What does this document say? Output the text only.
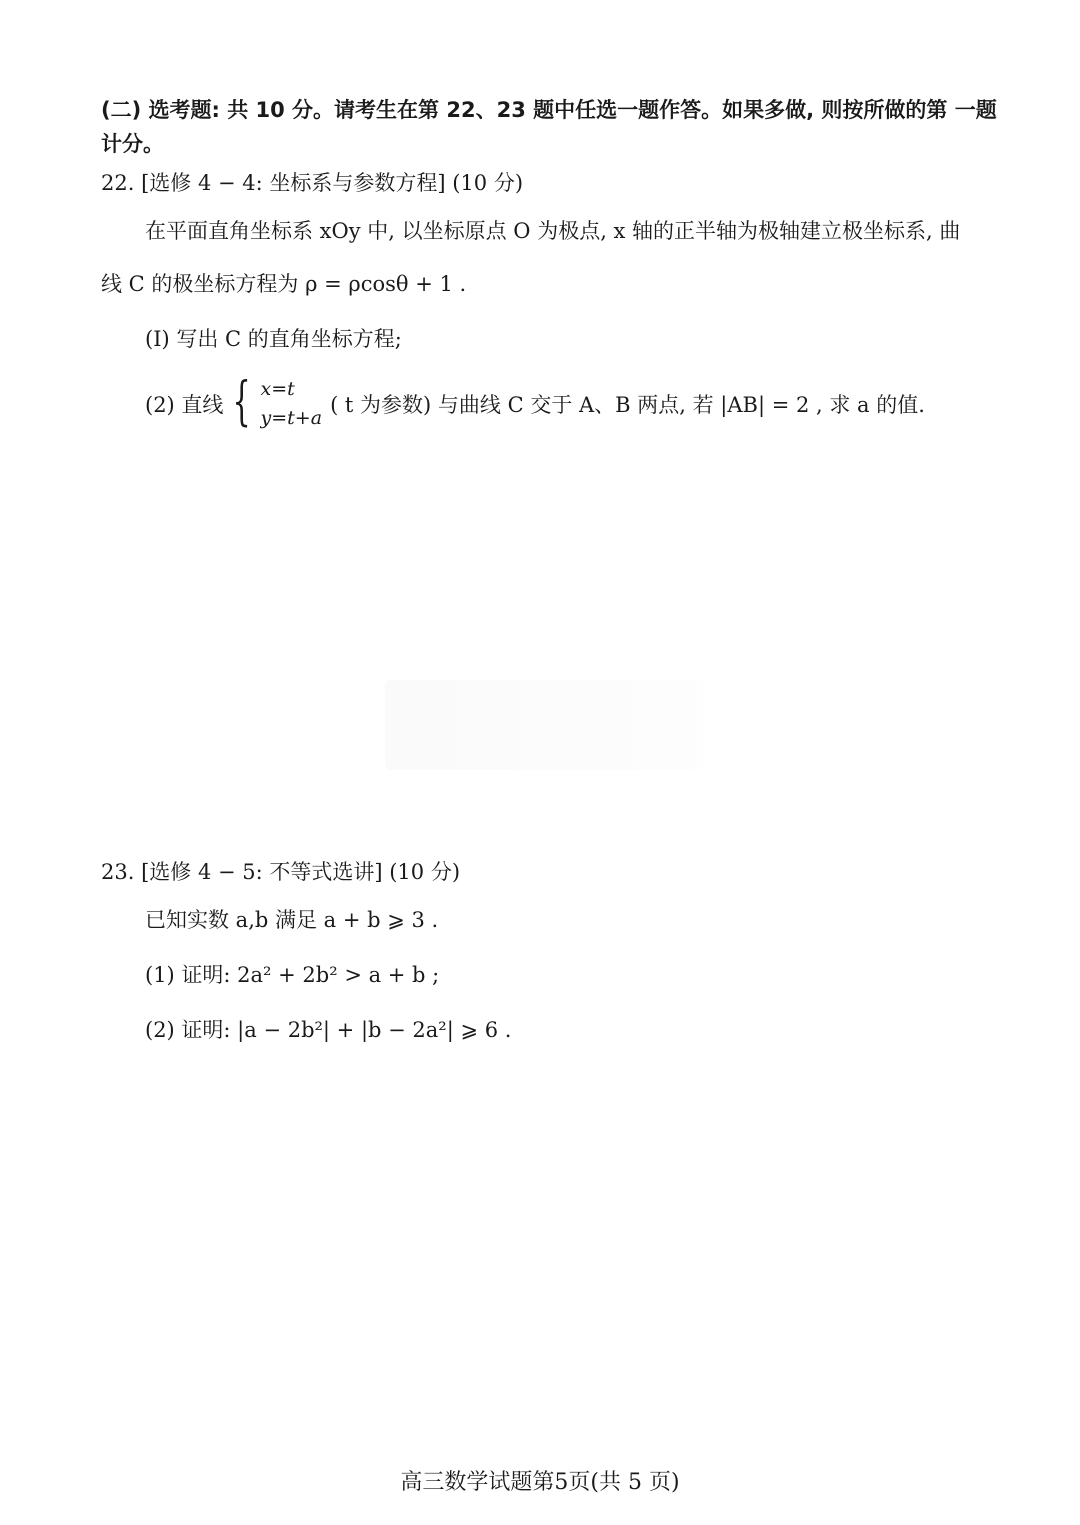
(二) 选考题: 共 10 分。请考生在第 22、23 题中任选一题作答。如果多做, 则按所做的第 一题
计分。
22. [选修 4 − 4: 坐标系与参数方程] (10 分)
在平面直角坐标系 xOy 中, 以坐标原点 O 为极点, x 轴的正半轴为极轴建立极坐标系, 曲
线 C 的极坐标方程为 ρ = ρcosθ + 1 .
(I) 写出 C 的直角坐标方程;
(2) 直线 { x=t
y=t+a
( t 为参数) 与曲线 C 交于 A、B 两点, 若 |AB| = 2 , 求 a 的值.
23. [选修 4 − 5: 不等式选讲] (10 分)
已知实数 a,b 满足 a + b ⩾ 3 .
(1) 证明: 2a² + 2b² > a + b ;
(2) 证明: |a − 2b²| + |b − 2a²| ⩾ 6 .
高三数学试题第5页(共 5 页)
